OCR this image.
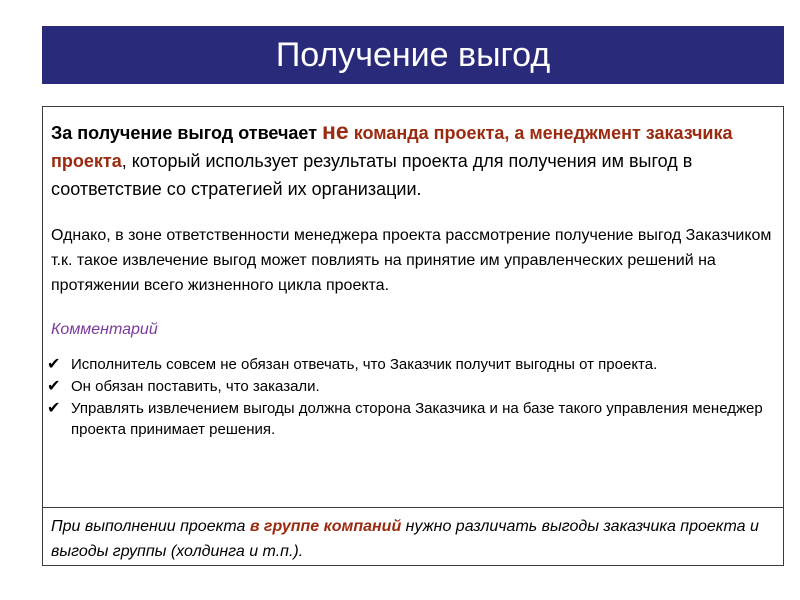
Получение выгод

За получение выгод отвечает не команда проекта, а менеджмент заказчика проекта, который использует результаты проекта для получения им выгод в соответствие со стратегией их организации.

Однако, в зоне ответственности менеджера проекта рассмотрение получение выгод Заказчиком т.к. такое извлечение выгод может повлиять на принятие им управленческих решений на протяжении всего жизненного цикла проекта.

Комментарий

✔ Исполнитель совсем не обязан отвечать, что Заказчик получит выгодны от проекта.
✔ Он обязан поставить, что заказали.
✔ Управлять извлечением выгоды должна сторона Заказчика и на базе такого управления менеджер проекта принимает решения.

При выполнении проекта в группе компаний нужно различать выгоды заказчика проекта и выгоды группы (холдинга и т.п.).
